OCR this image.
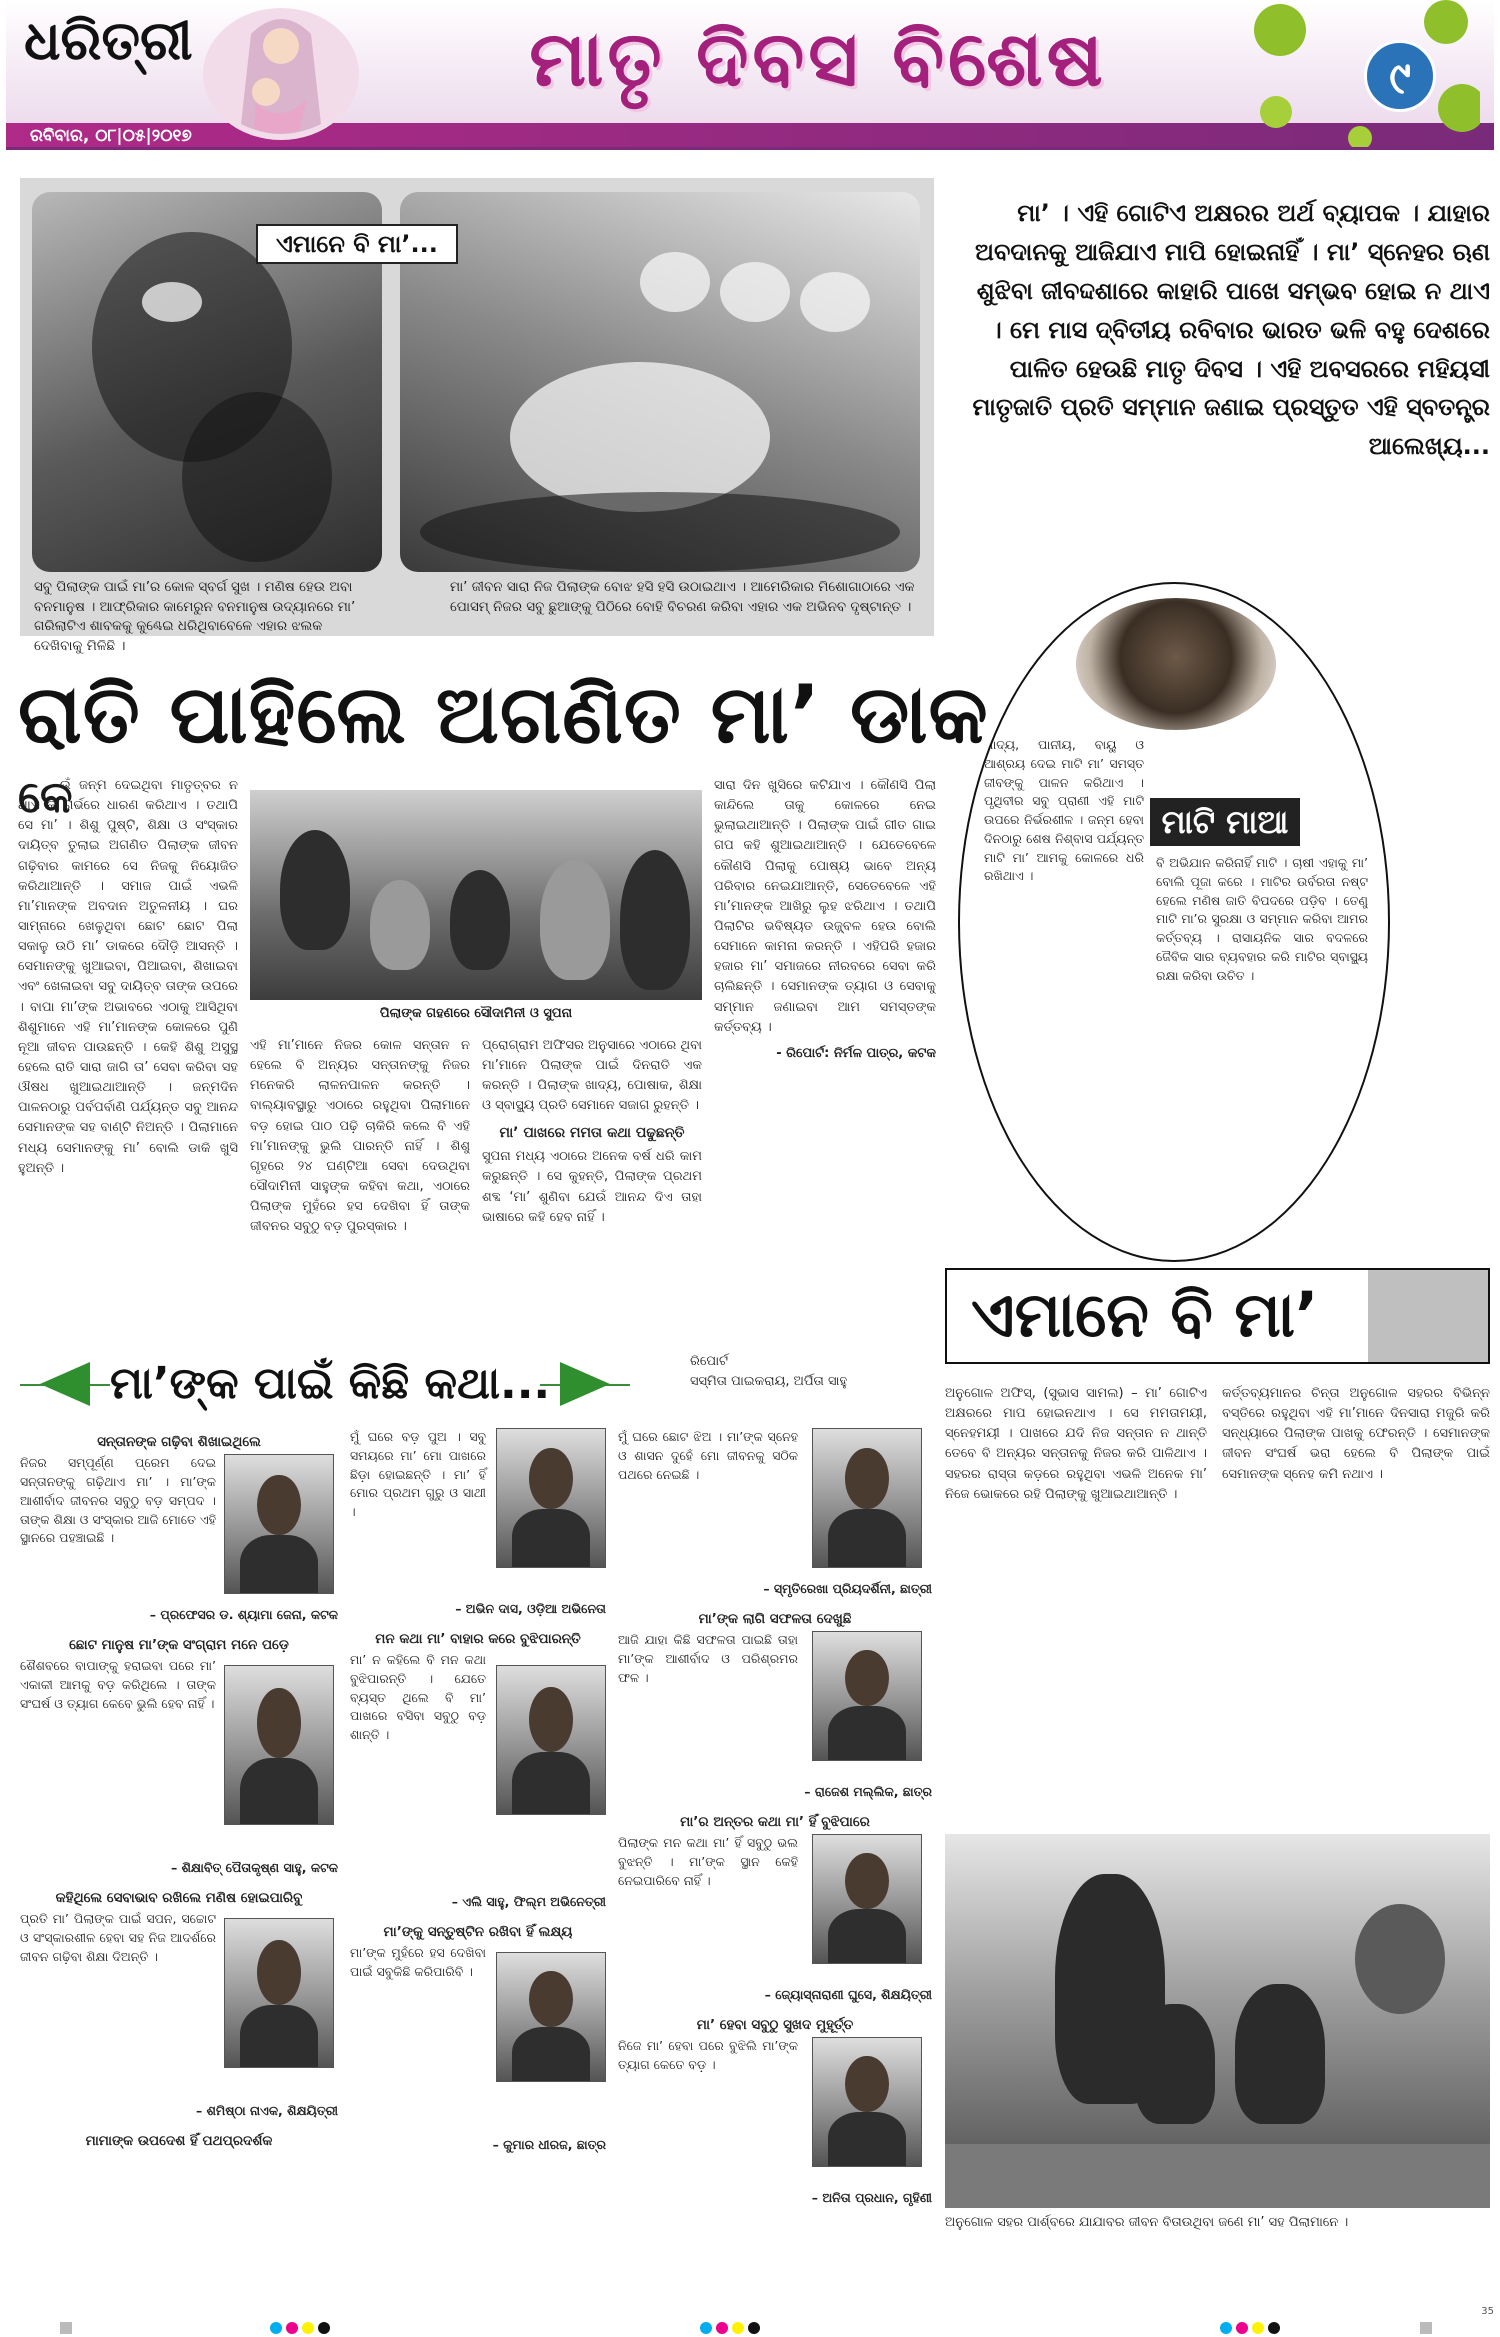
ଧରିତ୍ରୀ
ରବିବାର, ୦୮|୦୫|୨୦୧୭
ମାତୃ ଦିବସ ବିଶେଷ	୯
ଏମାନେ ବି ମା’...
ସବୁ ପିଲାଙ୍କ ପାଇଁ ମା’ର କୋଳ ସ୍ବର୍ଗ ସୁଖ । ମଣିଷ ହେଉ ଅବା ବନମାନୁଷ । ଆଫ୍ରିକାର କାମେରୁନ ବନମାନୁଷ ଉଦ୍ୟାନରେ ମା’ ଗରିଲାଟିଏ ଶାବକକୁ କୁଣ୍ଢେଇ ଧରିଥିବାବେଳେ ଏହାର ଝଲକ ଦେଖିବାକୁ ମିଳିଛି ।
ମା’ ଜୀବନ ସାରା ନିଜ ପିଲାଙ୍କ ବୋଝ ହସି ହସି ଉଠାଇଥାଏ । ଆମେରିକାର ମିଶୋଗାଠାରେ ଏକ ପୋସମ୍ ନିଜର ସବୁ ଛୁଆଙ୍କୁ ପିଠିରେ ବୋହି ବିଚରଣ କରିବା ଏହାର ଏକ ଅଭିନବ ଦୃଷ୍ଟାନ୍ତ ।
ମା’ । ଏହି ଗୋଟିଏ ଅକ୍ଷରର ଅର୍ଥ ବ୍ୟାପକ । ଯାହାର ଅବଦାନକୁ ଆଜିଯାଏ ମାପି ହୋଇନାହିଁ । ମା’ ସ୍ନେହର ଋଣ ଶୁଝିବା ଜୀବଦ୍ଦଶାରେ କାହାରି ପାଖେ ସମ୍ଭବ ହୋଇ ନ ଥାଏ । ମେ ମାସ ଦ୍ବିତୀୟ ରବିବାର ଭାରତ ଭଳି ବହୁ ଦେଶରେ ପାଳିତ ହେଉଛି ମାତୃ ଦିବସ । ଏହି ଅବସରରେ ମହିୟସୀ ମାତୃଜାତି ପ୍ରତି ସମ୍ମାନ ଜଣାଇ ପ୍ରସ୍ତୁତ ଏହି ସ୍ବତନ୍ତ୍ର ଆଲେଖ୍ୟ...
ରାତି ପାହିଲେ ଅଗଣିତ ମା’ ଡାକ
କେ
ଉଁ ଜନ୍ମ ଦେଇଥିବା ମାତୃତ୍ବର ନ ଥାଏ କି ଗର୍ଭରେ ଧାରଣ କରିଥାଏ । ତଥାପି ସେ ମା’ । ଶିଶୁ ପୁଷ୍ଟି, ଶିକ୍ଷା ଓ ସଂସ୍କାର ଦାୟିତ୍ବ ତୁଲାଇ ଅଗଣିତ ପିଲାଙ୍କ ଜୀବନ ଗଢ଼ିବାର କାମରେ ସେ ନିଜକୁ ନିୟୋଜିତ କରିଥାଆନ୍ତି । ସମାଜ ପାଇଁ ଏଭଳି ମା’ମାନଙ୍କ ଅବଦାନ ଅତୁଳନୀୟ । ଘର ସାମ୍ନାରେ ଖେଳୁଥିବା ଛୋଟ ଛୋଟ ପିଲା ସକାଳୁ ଉଠି ମା’ ଡାକରେ ଦୌଡ଼ି ଆସନ୍ତି । ସେମାନଙ୍କୁ ଖୁଆଇବା, ପିଆଇବା, ଶିଖାଇବା ଏବଂ ଖେଳାଇବା ସବୁ ଦାୟିତ୍ବ ତାଙ୍କ ଉପରେ । ବାପା ମା’ଙ୍କ ଅଭାବରେ ଏଠାକୁ ଆସିଥିବା ଶିଶୁମାନେ ଏହି ମା’ମାନଙ୍କ କୋଳରେ ପୁଣି ନୂଆ ଜୀବନ ପାଉଛନ୍ତି । କେହି ଶିଶୁ ଅସୁସ୍ଥ ହେଲେ ରାତି ସାରା ଜାଗି ତା’ ସେବା କରିବା ସହ ଔଷଧ ଖୁଆଇଥାଆନ୍ତି । ଜନ୍ମଦିନ ପାଳନଠାରୁ ପର୍ବପର୍ବାଣି ପର୍ଯ୍ୟନ୍ତ ସବୁ ଆନନ୍ଦ ସେମାନଙ୍କ ସହ ବାଣ୍ଟି ନିଅନ୍ତି । ପିଲାମାନେ ମଧ୍ୟ ସେମାନଙ୍କୁ ମା’ ବୋଲି ଡାକି ଖୁସି ହୁଅନ୍ତି ।
ପିଲାଙ୍କ ଗହଣରେ ସୌଦାମିନୀ ଓ ସୁପନା
ଏହି ମା’ମାନେ ନିଜର କୋଳ ସନ୍ତାନ ନ ହେଲେ ବି ଅନ୍ୟର ସନ୍ତାନଙ୍କୁ ନିଜର ମନେକରି ଲାଳନପାଳନ କରନ୍ତି । ବାଲ୍ୟାବସ୍ଥାରୁ ଏଠାରେ ରହୁଥିବା ପିଲାମାନେ ବଡ଼ ହୋଇ ପାଠ ପଢ଼ି ଚାକିରି କଲେ ବି ଏହି ମା’ମାନଙ୍କୁ ଭୁଲି ପାରନ୍ତି ନାହିଁ । ଶିଶୁ ଗୃହରେ ୨୪ ଘଣ୍ଟିଆ ସେବା ଦେଉଥିବା ସୌଦାମିନୀ ସାହୁଙ୍କ କହିବା କଥା, ଏଠାରେ ପିଲାଙ୍କ ମୁହଁରେ ହସ ଦେଖିବା ହିଁ ତାଙ୍କ ଜୀବନର ସବୁଠୁ ବଡ଼ ପୁରସ୍କାର ।
ପ୍ରୋଗ୍ରାମ ଅଫିସର ଅନୁସାରେ ଏଠାରେ ଥିବା ମା’ମାନେ ପିଲାଙ୍କ ପାଇଁ ଦିନରାତି ଏକ କରନ୍ତି । ପିଲାଙ୍କ ଖାଦ୍ୟ, ପୋଷାକ, ଶିକ୍ଷା ଓ ସ୍ବାସ୍ଥ୍ୟ ପ୍ରତି ସେମାନେ ସଜାଗ ରୁହନ୍ତି ।
ମା’ ପାଖରେ ମମତା କଥା ପଢୁଛନ୍ତି
ସୁପନା ମଧ୍ୟ ଏଠାରେ ଅନେକ ବର୍ଷ ଧରି କାମ କରୁଛନ୍ତି । ସେ କୁହନ୍ତି, ପିଲାଙ୍କ ପ୍ରଥମ ଶବ୍ଦ ‘ମା’ ଶୁଣିବା ଯେଉଁ ଆନନ୍ଦ ଦିଏ ତାହା ଭାଷାରେ କହି ହେବ ନାହିଁ ।
ସାରା ଦିନ ଖୁସିରେ କଟିଯାଏ । କୌଣସି ପିଲା କାନ୍ଦିଲେ ତାକୁ କୋଳରେ ନେଇ ଭୁଲାଇଥାଆନ୍ତି । ପିଲାଙ୍କ ପାଇଁ ଗୀତ ଗାଇ ଗପ କହି ଶୁଆଇଥାଆନ୍ତି । ଯେତେବେଳେ କୌଣସି ପିଲାକୁ ପୋଷ୍ୟ ଭାବେ ଅନ୍ୟ ପରିବାର ନେଇଯାଆନ୍ତି, ସେତେବେଳେ ଏହି ମା’ମାନଙ୍କ ଆଖିରୁ ଲୁହ ଝରିଥାଏ । ତଥାପି ପିଲାଟିର ଭବିଷ୍ୟତ ଉଜ୍ଜ୍ବଳ ହେଉ ବୋଲି ସେମାନେ କାମନା କରନ୍ତି । ଏହିପରି ହଜାର ହଜାର ମା’ ସମାଜରେ ନୀରବରେ ସେବା କରି ଚାଲିଛନ୍ତି । ସେମାନଙ୍କ ତ୍ୟାଗ ଓ ସେବାକୁ ସମ୍ମାନ ଜଣାଇବା ଆମ ସମସ୍ତଙ୍କ କର୍ତ୍ତବ୍ୟ ।
- ରିପୋର୍ଟ: ନିର୍ମଳ ପାତ୍ର, କଟକ
ମାଟି ମାଆ
ଖାଦ୍ୟ, ପାନୀୟ, ବାୟୁ ଓ ଆଶ୍ରୟ ଦେଇ ମାଟି ମା’ ସମସ୍ତ ଜୀବଙ୍କୁ ପାଳନ କରିଥାଏ । ପୃଥିବୀର ସବୁ ପ୍ରାଣୀ ଏହି ମାଟି ଉପରେ ନିର୍ଭରଶୀଳ । ଜନ୍ମ ହେବା ଦିନଠାରୁ ଶେଷ ନିଶ୍ବାସ ପର୍ଯ୍ୟନ୍ତ ମାଟି ମା’ ଆମକୁ କୋଳରେ ଧରି ରଖିଥାଏ ।
ବି ଅଭିଯାନ କରିନାହିଁ ମାଟି । ଚାଷୀ ଏହାକୁ ମା’ ବୋଲି ପୂଜା କରେ । ମାଟିର ଉର୍ବରତା ନଷ୍ଟ ହେଲେ ମଣିଷ ଜାତି ବିପଦରେ ପଡ଼ିବ । ତେଣୁ ମାଟି ମା’ର ସୁରକ୍ଷା ଓ ସମ୍ମାନ କରିବା ଆମର କର୍ତ୍ତବ୍ୟ । ରାସାୟନିକ ସାର ବଦଳରେ ଜୈବିକ ସାର ବ୍ୟବହାର କରି ମାଟିର ସ୍ବାସ୍ଥ୍ୟ ରକ୍ଷା କରିବା ଉଚିତ ।
ଏମାନେ ବି ମା’
ଅନୁଗୋଳ ଅଫିସ୍, (ସୁଭାସ ସାମଲ) – ମା’ ଗୋଟିଏ ଅକ୍ଷରରେ ମାପ ହୋଇନଥାଏ । ସେ ମମତାମୟୀ, ସ୍ନେହମୟୀ । ପାଖରେ ଯଦି ନିଜ ସନ୍ତାନ ନ ଥାନ୍ତି ତେବେ ବି ଅନ୍ୟର ସନ୍ତାନକୁ ନିଜର କରି ପାଳିଥାଏ । ସହରର ରାସ୍ତା କଡ଼ରେ ରହୁଥିବା ଏଭଳି ଅନେକ ମା’ ନିଜେ ଭୋକରେ ରହି ପିଲାଙ୍କୁ ଖୁଆଇଥାଆନ୍ତି ।
କର୍ତ୍ତବ୍ୟମାନର ଚିନ୍ତା ଅନୁଗୋଳ ସହରର ବିଭିନ୍ନ ବସ୍ତିରେ ରହୁଥିବା ଏହି ମା’ମାନେ ଦିନସାରା ମଜୁରି କରି ସନ୍ଧ୍ୟାରେ ପିଲାଙ୍କ ପାଖକୁ ଫେରନ୍ତି । ସେମାନଙ୍କ ଜୀବନ ସଂଘର୍ଷ ଭରା ହେଲେ ବି ପିଲାଙ୍କ ପାଇଁ ସେମାନଙ୍କ ସ୍ନେହ କମି ନଥାଏ ।
ଅନୁଗୋଳ ସହର ପାର୍ଶ୍ବରେ ଯାଯାବର ଜୀବନ ବିତାଉଥିବା ଜଣେ ମା’ ସହ ପିଲାମାନେ ।
ମା’ଙ୍କ ପାଇଁ କିଛି କଥା...	ରିପୋର୍ଟ
ସସ୍ମିତା ପାଇକରାୟ, ଅର୍ପିତା ସାହୁ
ସନ୍ତାନଙ୍କ ଗଢ଼ିବା ଶିଖାଇଥିଲେ
ନିଜର ସମ୍ପୂର୍ଣ୍ଣ ପ୍ରେମ ଦେଇ ସନ୍ତାନଙ୍କୁ ଗଢ଼ିଥାଏ ମା’ । ମା’ଙ୍କ ଆଶୀର୍ବାଦ ଜୀବନର ସବୁଠୁ ବଡ଼ ସମ୍ପଦ । ତାଙ୍କ ଶିକ୍ଷା ଓ ସଂସ୍କାର ଆଜି ମୋତେ ଏହି ସ୍ଥାନରେ ପହଞ୍ଚାଇଛି ।
– ପ୍ରଫେସର ଡ. ଶ୍ୟାମା ଜେନା, କଟକ
ଛୋଟ ମାନୁଷ ମା’ଙ୍କ ସଂଗ୍ରାମ ମନେ ପଡ଼େ
ଶୈଶବରେ ବାପାଙ୍କୁ ହରାଇବା ପରେ ମା’ ଏକାକୀ ଆମକୁ ବଡ଼ କରିଥିଲେ । ତାଙ୍କ ସଂଘର୍ଷ ଓ ତ୍ୟାଗ କେବେ ଭୁଲି ହେବ ନାହିଁ ।
– ଶିକ୍ଷାବିତ୍ ପୈତାକୃଷ୍ଣ ସାହୁ, କଟକ
କହିଥିଲେ ସେବାଭାବ ରଖିଲେ ମଣିଷ ହୋଇପାରିବୁ
ପ୍ରତି ମା’ ପିଲାଙ୍କ ପାଇଁ ସପନ, ସଚ୍ଚୋଟ ଓ ସଂସ୍କାରଶୀଳ ହେବା ସହ ନିଜ ଆଦର୍ଶରେ ଜୀବନ ଗଢ଼ିବା ଶିକ୍ଷା ଦିଅନ୍ତି ।
– ଶମିଷ୍ଠା ନାଏକ, ଶିକ୍ଷୟିତ୍ରୀ
ମାମାଙ୍କ ଉପଦେଶ ହିଁ ପଥପ୍ରଦର୍ଶକ
ମୁଁ ଘରେ ବଡ଼ ପୁଅ । ସବୁ ସମୟରେ ମା’ ମୋ ପାଖରେ ଛିଡ଼ା ହୋଇଛନ୍ତି । ମା’ ହିଁ ମୋର ପ୍ରଥମ ଗୁରୁ ଓ ସାଥୀ ।
– ଅଭିନ ଦାସ, ଓଡ଼ିଆ ଅଭିନେତା
ମନ କଥା ମା’ ବାହାର କରେ ବୁଝିପାରନ୍ତି
ମା’ ନ କହିଲେ ବି ମନ କଥା ବୁଝିପାରନ୍ତି । ଯେତେ ବ୍ୟସ୍ତ ଥିଲେ ବି ମା’ ପାଖରେ ବସିବା ସବୁଠୁ ବଡ଼ ଶାନ୍ତି ।
– ଏଲି ସାହୁ, ଫିଲ୍ମ ଅଭିନେତ୍ରୀ
ମା’ଙ୍କୁ ସନ୍ତୁଷ୍ଟିନ ରଖିବା ହିଁ ଲକ୍ଷ୍ୟ
ମା’ଙ୍କ ମୁହଁରେ ହସ ଦେଖିବା ପାଇଁ ସବୁକିଛି କରିପାରିବି ।
– କୁମାର ଧୀରଜ, ଛାତ୍ର
ମୁଁ ଘରେ ଛୋଟ ଝିଅ । ମା’ଙ୍କ ସ୍ନେହ ଓ ଶାସନ ଦୁହେଁ ମୋ ଜୀବନକୁ ସଠିକ ପଥରେ ନେଇଛି ।
– ସ୍ମୃତିରେଖା ପ୍ରିୟଦର୍ଶିନୀ, ଛାତ୍ରୀ
ମା’ଙ୍କ ଲାଗି ସଫଳତା ଦେଖୁଛି
ଆଜି ଯାହା କିଛି ସଫଳତା ପାଇଛି ତାହା ମା’ଙ୍କ ଆଶୀର୍ବାଦ ଓ ପରିଶ୍ରମର ଫଳ ।
– ରାଜେଶ ମଲ୍ଲିକ, ଛାତ୍ର
ମା’ର ଅନ୍ତର କଥା ମା’ ହିଁ ବୁଝିପାରେ
ପିଲାଙ୍କ ମନ କଥା ମା’ ହିଁ ସବୁଠୁ ଭଲ ବୁଝନ୍ତି । ମା’ଙ୍କ ସ୍ଥାନ କେହି ନେଇପାରିବେ ନାହିଁ ।
– ଜ୍ୟୋସ୍ନାରାଣୀ ଘୁସେ, ଶିକ୍ଷୟିତ୍ରୀ
ମା’ ହେବା ସବୁଠୁ ସୁଖଦ ମୁହୂର୍ତ୍ତ
ନିଜେ ମା’ ହେବା ପରେ ବୁଝିଲି ମା’ଙ୍କ ତ୍ୟାଗ କେତେ ବଡ଼ ।
– ଅନିତା ପ୍ରଧାନ, ଗୃହିଣୀ
35
